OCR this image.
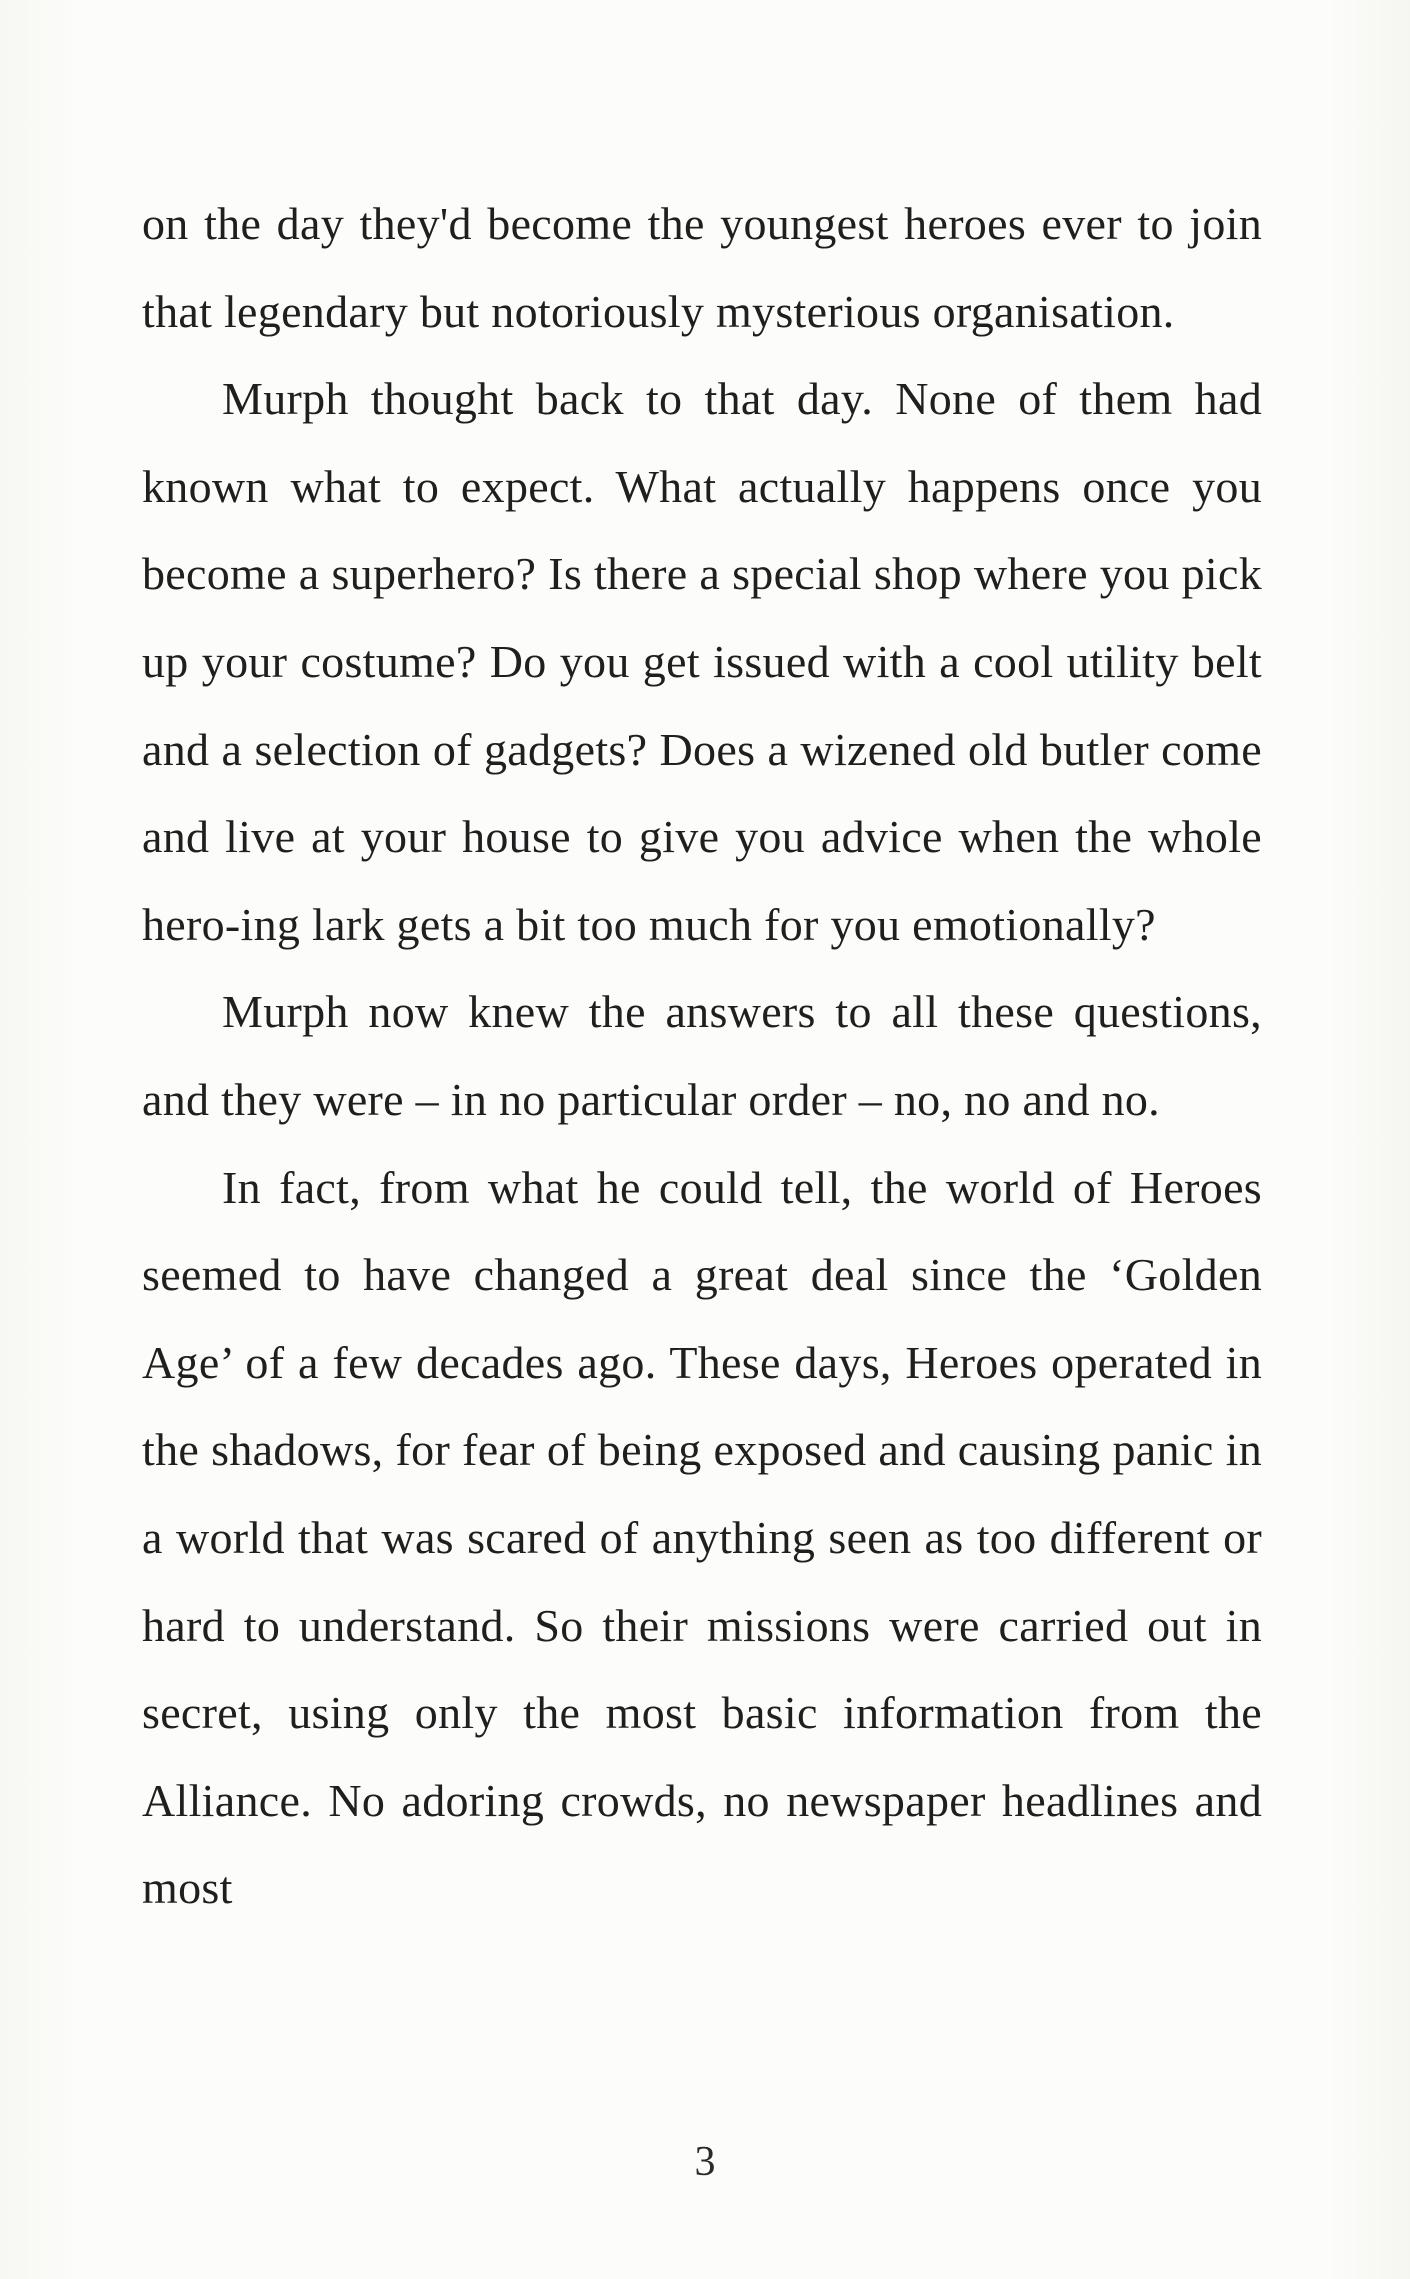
on the day they'd become the youngest heroes ever to join that legendary but notoriously mysterious organisation.

Murph thought back to that day. None of them had known what to expect. What actually happens once you become a superhero? Is there a special shop where you pick up your costume? Do you get issued with a cool utility belt and a selection of gadgets? Does a wizened old butler come and live at your house to give you advice when the whole hero-ing lark gets a bit too much for you emotionally?

Murph now knew the answers to all these questions, and they were – in no particular order – no, no and no.

In fact, from what he could tell, the world of Heroes seemed to have changed a great deal since the ‘Golden Age’ of a few decades ago. These days, Heroes operated in the shadows, for fear of being exposed and causing panic in a world that was scared of anything seen as too different or hard to understand. So their missions were carried out in secret, using only the most basic information from the Alliance. No adoring crowds, no newspaper headlines and most

3
